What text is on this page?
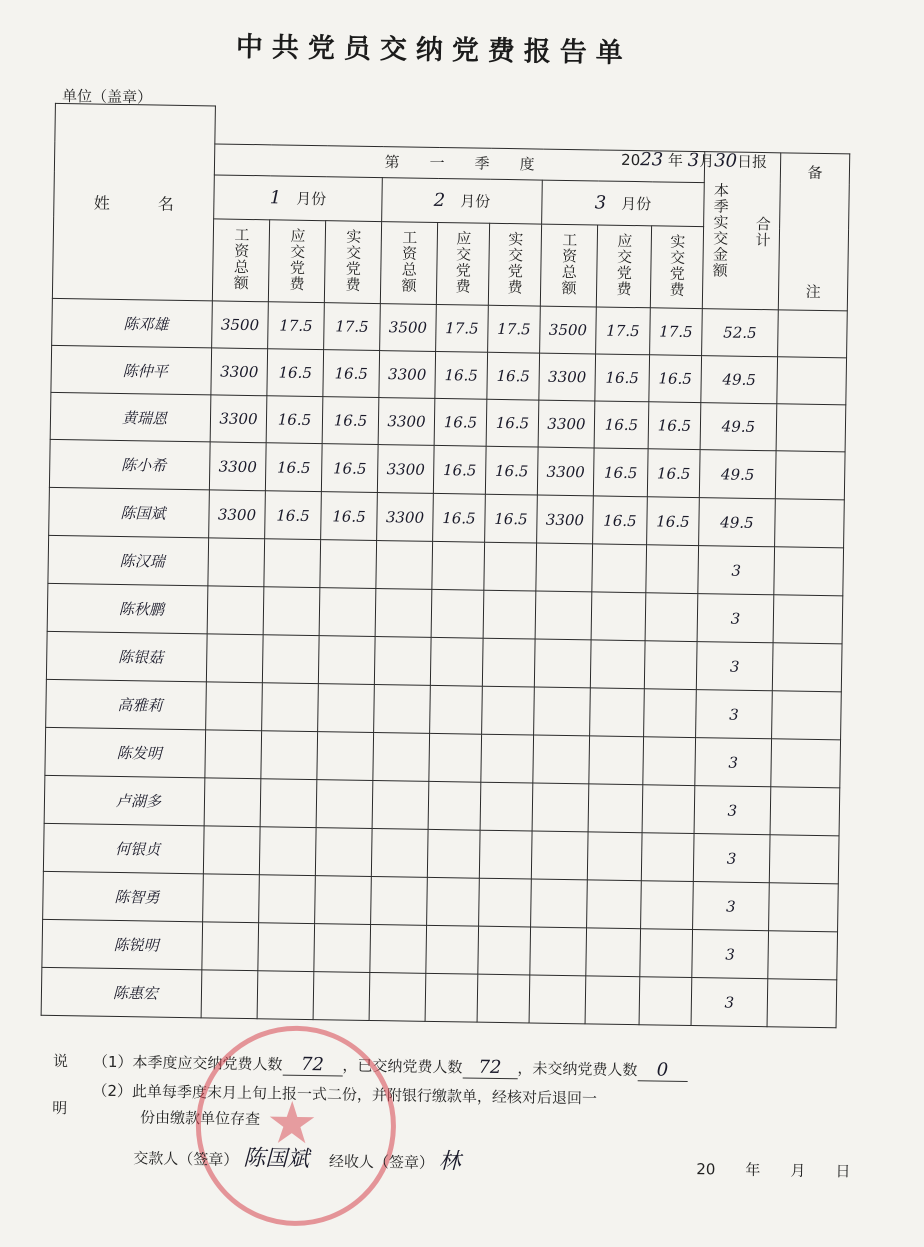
中共党员交纳党费报告单
单位（盖章）
2023 年 3月30日报
姓　　　名											
	第　　一　　季　　度									本季实交金额 合计	备
注

	1　 月份			2　 月份			3　 月份				
	工资总额	应交党费	实交党费	工资总额	应交党费	实交党费	工资总额	应交党费	实交党费		
陈邓雄	3500	17.5	17.5	3500	17.5	17.5	3500	17.5	17.5	52.5	
陈仲平	3300	16.5	16.5	3300	16.5	16.5	3300	16.5	16.5	49.5	
黄瑞恩	3300	16.5	16.5	3300	16.5	16.5	3300	16.5	16.5	49.5	
陈小希	3300	16.5	16.5	3300	16.5	16.5	3300	16.5	16.5	49.5	
陈国斌	3300	16.5	16.5	3300	16.5	16.5	3300	16.5	16.5	49.5	
陈汉瑞										3	
陈秋鹏										3	
陈银菇										3	
高雅莉										3	
陈发明										3	
卢湖多										3	
何银贞										3	
陈智勇										3	
陈锐明										3	
陈惠宏										3	
说
明
（1）本季度应交纳党费人数 72 ，已交纳党费人数 72 ，未交纳党费人数 0
（2）此单每季度末月上旬上报一式二份，并附银行缴款单，经核对后退回一
份由缴款单位存查 ★
交款人（签章） 陈国斌 　 经收人（签章） 林	20　　 年　　 月　　 日
